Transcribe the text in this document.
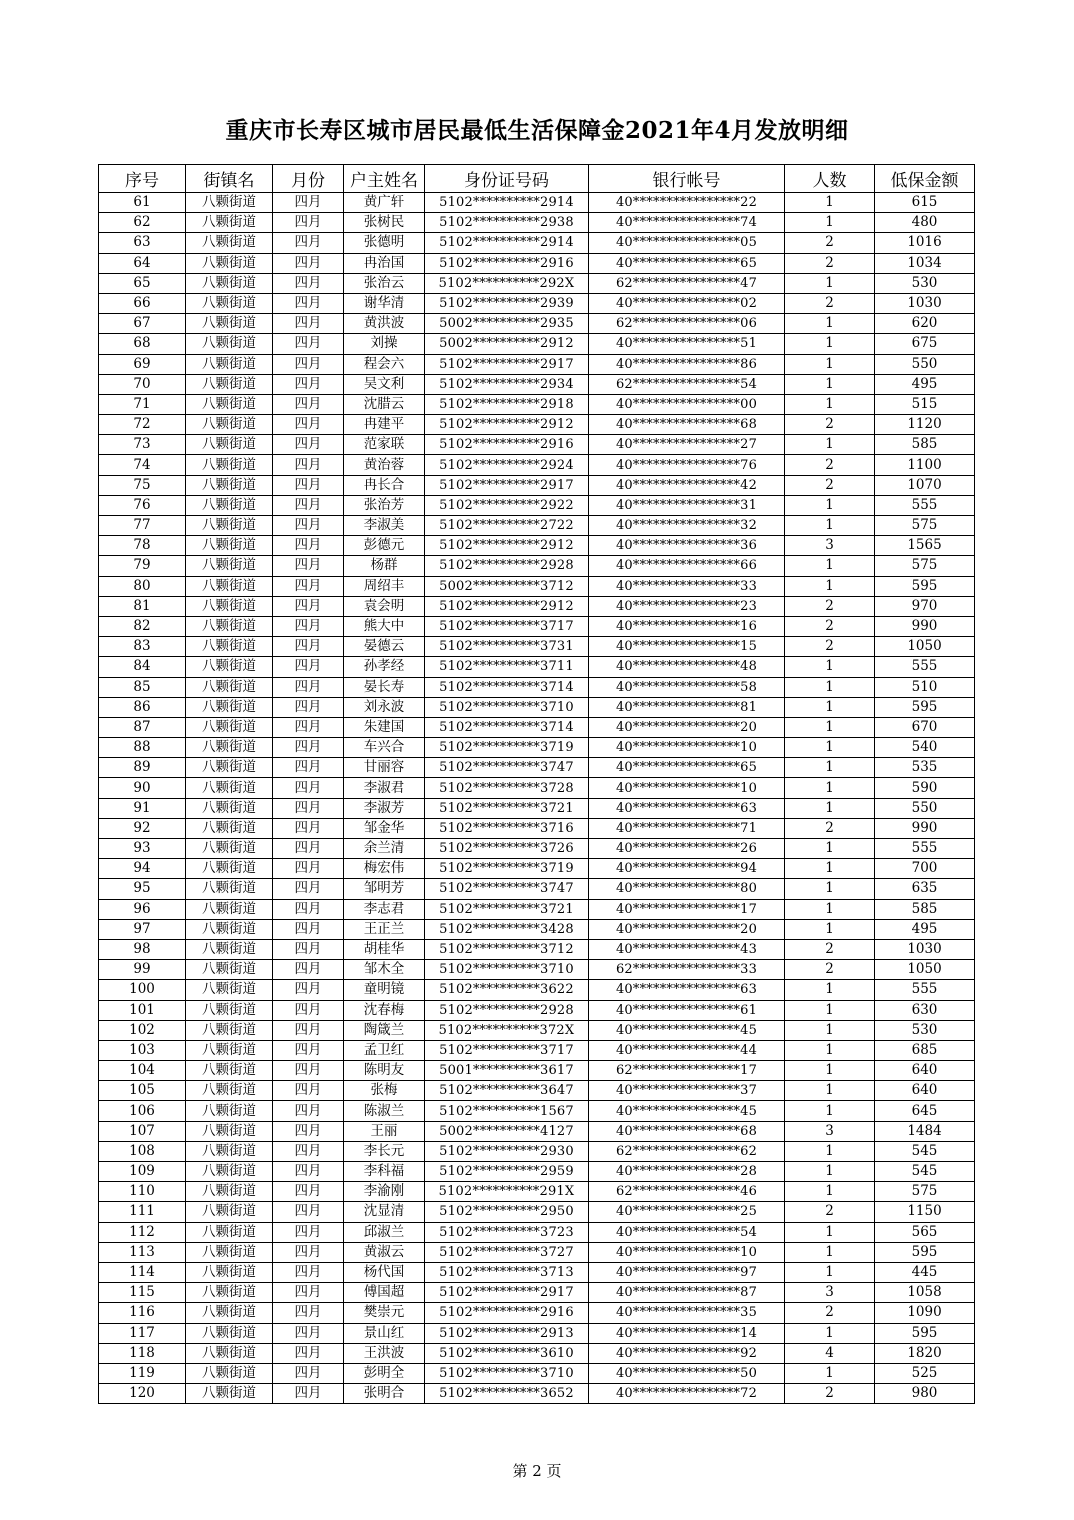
重庆市长寿区城市居民最低生活保障金2021年4月发放明细
序号	街镇名	月份	户主姓名	身份证号码	银行帐号	人数	低保金额
61	八颗街道	四月	黄广轩	5102**********2914	40****************22	1	615
62	八颗街道	四月	张树民	5102**********2938	40****************74	1	480
63	八颗街道	四月	张德明	5102**********2914	40****************05	2	1016
64	八颗街道	四月	冉治国	5102**********2916	40****************65	2	1034
65	八颗街道	四月	张治云	5102**********292X	62****************47	1	530
66	八颗街道	四月	谢华清	5102**********2939	40****************02	2	1030
67	八颗街道	四月	黄洪波	5002**********2935	62****************06	1	620
68	八颗街道	四月	刘操	5002**********2912	40****************51	1	675
69	八颗街道	四月	程会六	5102**********2917	40****************86	1	550
70	八颗街道	四月	吴文利	5102**********2934	62****************54	1	495
71	八颗街道	四月	沈腊云	5102**********2918	40****************00	1	515
72	八颗街道	四月	冉建平	5102**********2912	40****************68	2	1120
73	八颗街道	四月	范家联	5102**********2916	40****************27	1	585
74	八颗街道	四月	黄治蓉	5102**********2924	40****************76	2	1100
75	八颗街道	四月	冉长合	5102**********2917	40****************42	2	1070
76	八颗街道	四月	张治芳	5102**********2922	40****************31	1	555
77	八颗街道	四月	李淑美	5102**********2722	40****************32	1	575
78	八颗街道	四月	彭德元	5102**********2912	40****************36	3	1565
79	八颗街道	四月	杨群	5102**********2928	40****************66	1	575
80	八颗街道	四月	周绍丰	5002**********3712	40****************33	1	595
81	八颗街道	四月	袁会明	5102**********2912	40****************23	2	970
82	八颗街道	四月	熊大中	5102**********3717	40****************16	2	990
83	八颗街道	四月	晏德云	5102**********3731	40****************15	2	1050
84	八颗街道	四月	孙孝经	5102**********3711	40****************48	1	555
85	八颗街道	四月	晏长寿	5102**********3714	40****************58	1	510
86	八颗街道	四月	刘永波	5102**********3710	40****************81	1	595
87	八颗街道	四月	朱建国	5102**********3714	40****************20	1	670
88	八颗街道	四月	车兴合	5102**********3719	40****************10	1	540
89	八颗街道	四月	甘丽容	5102**********3747	40****************65	1	535
90	八颗街道	四月	李淑君	5102**********3728	40****************10	1	590
91	八颗街道	四月	李淑芳	5102**********3721	40****************63	1	550
92	八颗街道	四月	邹金华	5102**********3716	40****************71	2	990
93	八颗街道	四月	余兰清	5102**********3726	40****************26	1	555
94	八颗街道	四月	梅宏伟	5102**********3719	40****************94	1	700
95	八颗街道	四月	邹明芳	5102**********3747	40****************80	1	635
96	八颗街道	四月	李志君	5102**********3721	40****************17	1	585
97	八颗街道	四月	王正兰	5102**********3428	40****************20	1	495
98	八颗街道	四月	胡桂华	5102**********3712	40****************43	2	1030
99	八颗街道	四月	邹木全	5102**********3710	62****************33	2	1050
100	八颗街道	四月	童明镜	5102**********3622	40****************63	1	555
101	八颗街道	四月	沈春梅	5102**********2928	40****************61	1	630
102	八颗街道	四月	陶箴兰	5102**********372X	40****************45	1	530
103	八颗街道	四月	孟卫红	5102**********3717	40****************44	1	685
104	八颗街道	四月	陈明友	5001**********3617	62****************17	1	640
105	八颗街道	四月	张梅	5102**********3647	40****************37	1	640
106	八颗街道	四月	陈淑兰	5102**********1567	40****************45	1	645
107	八颗街道	四月	王丽	5002**********4127	40****************68	3	1484
108	八颗街道	四月	李长元	5102**********2930	62****************62	1	545
109	八颗街道	四月	李科福	5102**********2959	40****************28	1	545
110	八颗街道	四月	李渝刚	5102**********291X	62****************46	1	575
111	八颗街道	四月	沈显清	5102**********2950	40****************25	2	1150
112	八颗街道	四月	邱淑兰	5102**********3723	40****************54	1	565
113	八颗街道	四月	黄淑云	5102**********3727	40****************10	1	595
114	八颗街道	四月	杨代国	5102**********3713	40****************97	1	445
115	八颗街道	四月	傅国超	5102**********2917	40****************87	3	1058
116	八颗街道	四月	樊崇元	5102**********2916	40****************35	2	1090
117	八颗街道	四月	景山红	5102**********2913	40****************14	1	595
118	八颗街道	四月	王洪波	5102**********3610	40****************92	4	1820
119	八颗街道	四月	彭明全	5102**********3710	40****************50	1	525
120	八颗街道	四月	张明合	5102**********3652	40****************72	2	980
第 2 页
